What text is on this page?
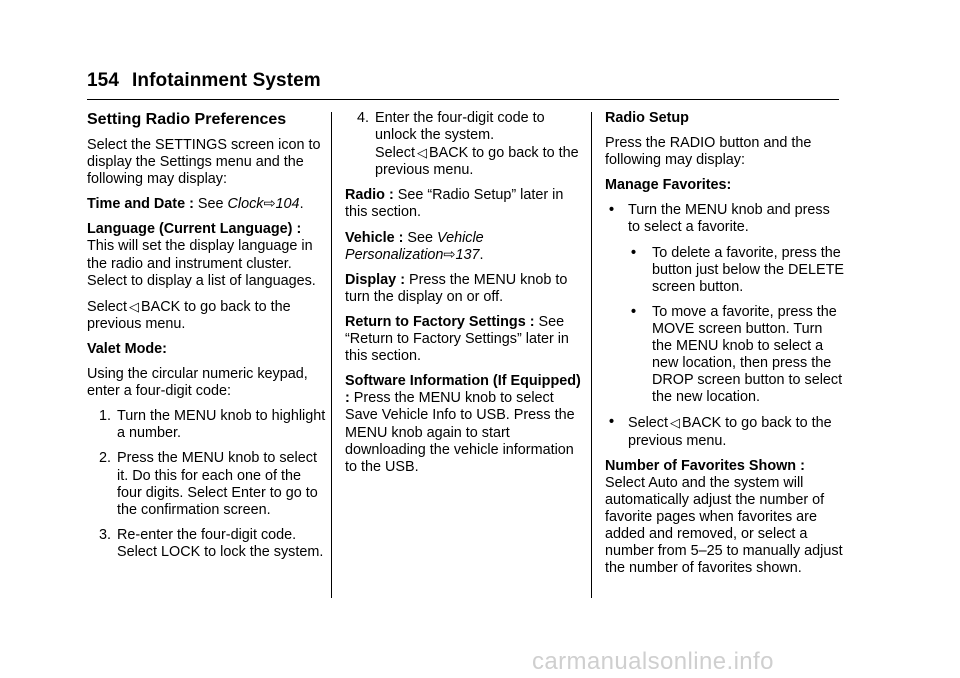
154 Infotainment System
Setting Radio Preferences

Select the SETTINGS screen icon to display the Settings menu and the following may display:

Time and Date : See Clock⇨104.

Language (Current Language) :
This will set the display language in the radio and instrument cluster. Select to display a list of languages.

Select ◁ BACK to go back to the previous menu.

Valet Mode:

Using the circular numeric keypad, enter a four-digit code:

1. Turn the MENU knob to highlight a number.
2. Press the MENU knob to select it. Do this for each one of the four digits. Select Enter to go to the confirmation screen.
3. Re-enter the four-digit code. Select LOCK to lock the system.
4. Enter the four-digit code to unlock the system. Select ◁ BACK to go back to the previous menu.

Radio : See “Radio Setup” later in this section.

Vehicle : See Vehicle Personalization⇨137.

Display : Press the MENU knob to turn the display on or off.

Return to Factory Settings : See “Return to Factory Settings” later in this section.

Software Information (If Equipped) : Press the MENU knob to select Save Vehicle Info to USB. Press the MENU knob again to start downloading the vehicle information to the USB.

Radio Setup

Press the RADIO button and the following may display:

Manage Favorites:

• Turn the MENU knob and press to select a favorite.
• To delete a favorite, press the button just below the DELETE screen button.
• To move a favorite, press the MOVE screen button. Turn the MENU knob to select a new location, then press the DROP screen button to select the new location.
• Select ◁ BACK to go back to the previous menu.

Number of Favorites Shown :
Select Auto and the system will automatically adjust the number of favorite pages when favorites are added and removed, or select a number from 5–25 to manually adjust the number of favorites shown.

carmanualsonline.info
